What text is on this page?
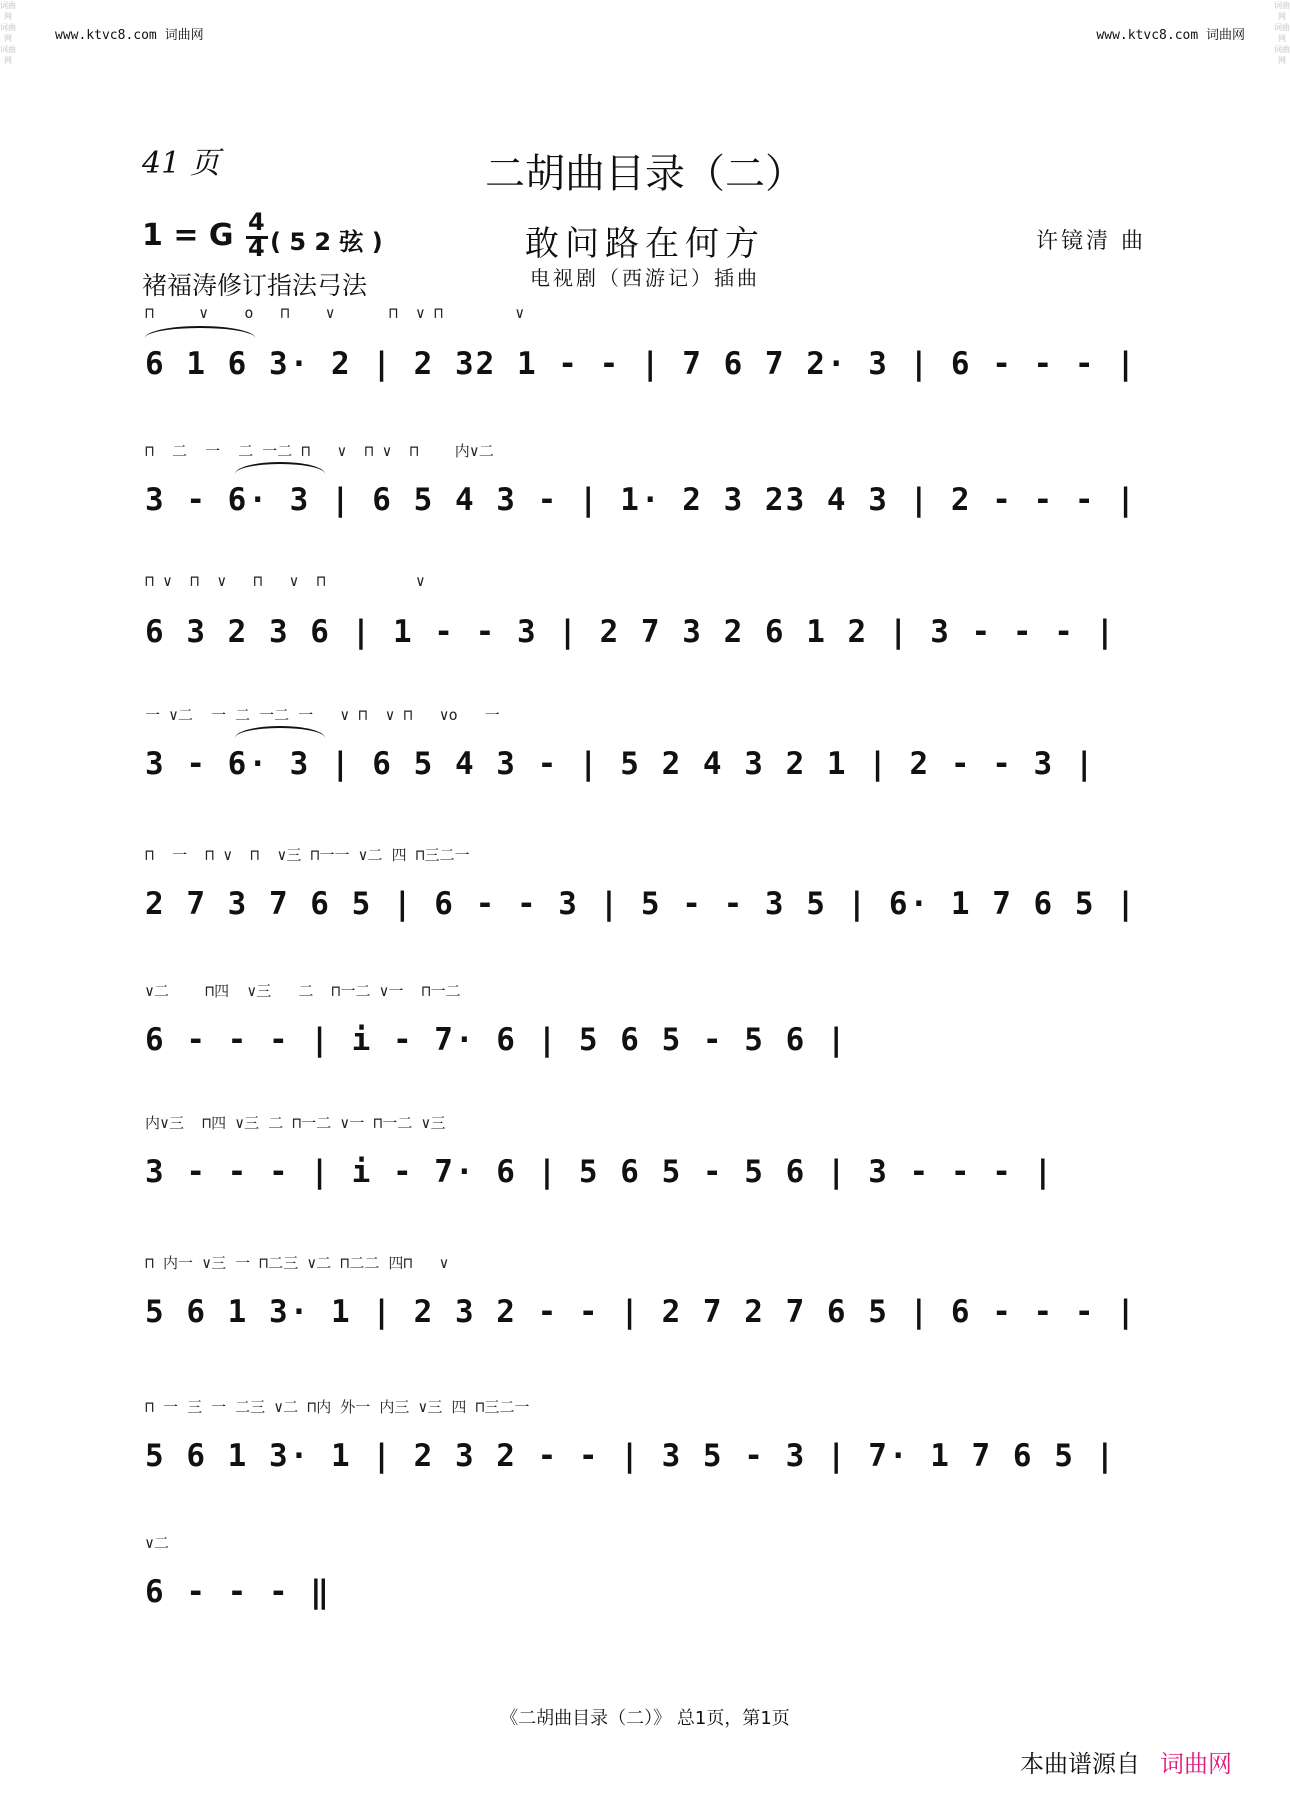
词曲网
词曲网
词曲网
词曲网
词曲网
词曲网
www.ktvc8.com 词曲网	www.ktvc8.com 词曲网
41 页	二胡曲目录（二）
1 = G 4
4 ( 5 2 弦 )
褚福涛修订指法弓法
敢问路在何方
电视剧（西游记）插曲
许镜清 曲
⊓     ∨    o   ⊓    ∨      ⊓  ∨ ⊓        ∨
6 1 6 3· 2 | 2 32 1 - - | 7 6 7 2· 3 | 6 - - - |
⊓  二  一  二 一二 ⊓   ∨  ⊓ ∨  ⊓    内∨二
3 - 6· 3 | 6 5 4 3 - | 1· 2 3 23 4 3 | 2 - - - |
⊓ ∨  ⊓  ∨   ⊓   ∨  ⊓          ∨
6 3 2 3 6 | 1 - - 3 | 2 7 3 2 6 1 2 | 3 - - - |
一 ∨二  一 二 一二 一   ∨ ⊓  ∨ ⊓   ∨o   一
3 - 6· 3 | 6 5 4 3 - | 5 2 4 3 2 1 | 2 - - 3 |
⊓  一  ⊓ ∨  ⊓  ∨三 ⊓一一 ∨二 四 ⊓三二一
2 7 3 7 6 5 | 6 - - 3 | 5 - - 3 5 | 6· 1 7 6 5 |
∨二    ⊓四  ∨三   二  ⊓一二 ∨一  ⊓一二
6 - - - | i - 7· 6 | 5 6 5 - 5 6 |
内∨三  ⊓四 ∨三 二 ⊓一二 ∨一 ⊓一二 ∨三
3 - - - | i - 7· 6 | 5 6 5 - 5 6 | 3 - - - |
⊓ 内一 ∨三 一 ⊓二三 ∨二 ⊓二二 四⊓   ∨
5 6 1 3· 1 | 2 3 2 - - | 2 7 2 7 6 5 | 6 - - - |
⊓ 一 三 一 二三 ∨二 ⊓内 外一 内三 ∨三 四 ⊓三二一
5 6 1 3· 1 | 2 3 2 - - | 3 5 - 3 | 7· 1 7 6 5 |
∨二
6 - - - ‖
《二胡曲目录（二）》 总1页，第1页
本曲谱源自 词曲网
